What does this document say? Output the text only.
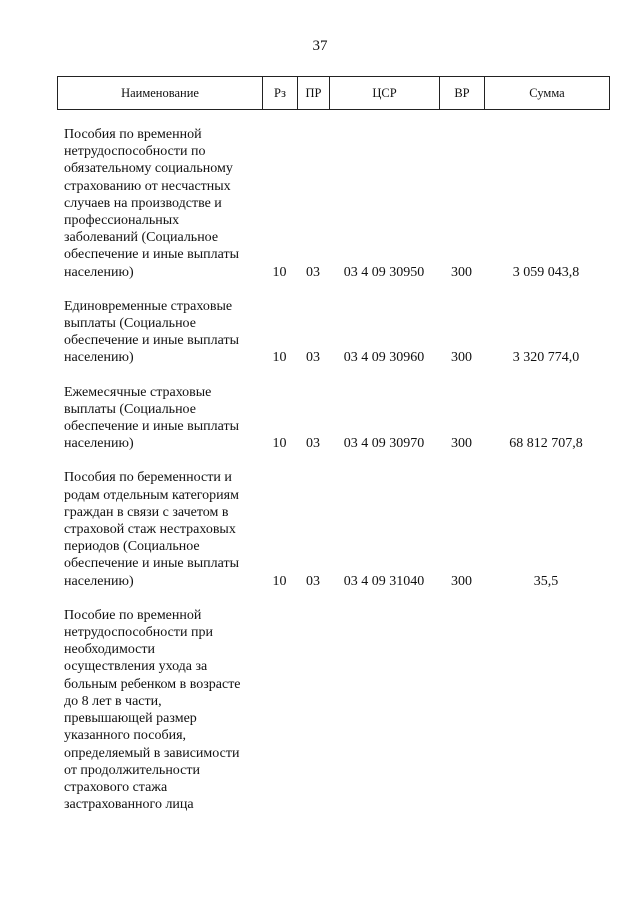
37
Наименование	Рз	ПР	ЦСР	ВР	Сумма
Пособия по временной
нетрудоспособности по
обязательному социальному
страхованию от несчастных
случаев на производстве и
профессиональных
заболеваний (Социальное
обеспечение и иные выплаты
населению)	10	03	03 4 09 30950	300	3 059 043,8
Единовременные страховые
выплаты (Социальное
обеспечение и иные выплаты
населению)	10	03	03 4 09 30960	300	3 320 774,0
Ежемесячные страховые
выплаты (Социальное
обеспечение и иные выплаты
населению)	10	03	03 4 09 30970	300	68 812 707,8
Пособия по беременности и
родам отдельным категориям
граждан в связи с зачетом в
страховой стаж нестраховых
периодов (Социальное
обеспечение и иные выплаты
населению)	10	03	03 4 09 31040	300	35,5
Пособие по временной
нетрудоспособности при
необходимости
осуществления ухода за
больным ребенком в возрасте
до 8 лет в части,
превышающей размер
указанного пособия,
определяемый в зависимости
от продолжительности
страхового стажа
застрахованного лица
